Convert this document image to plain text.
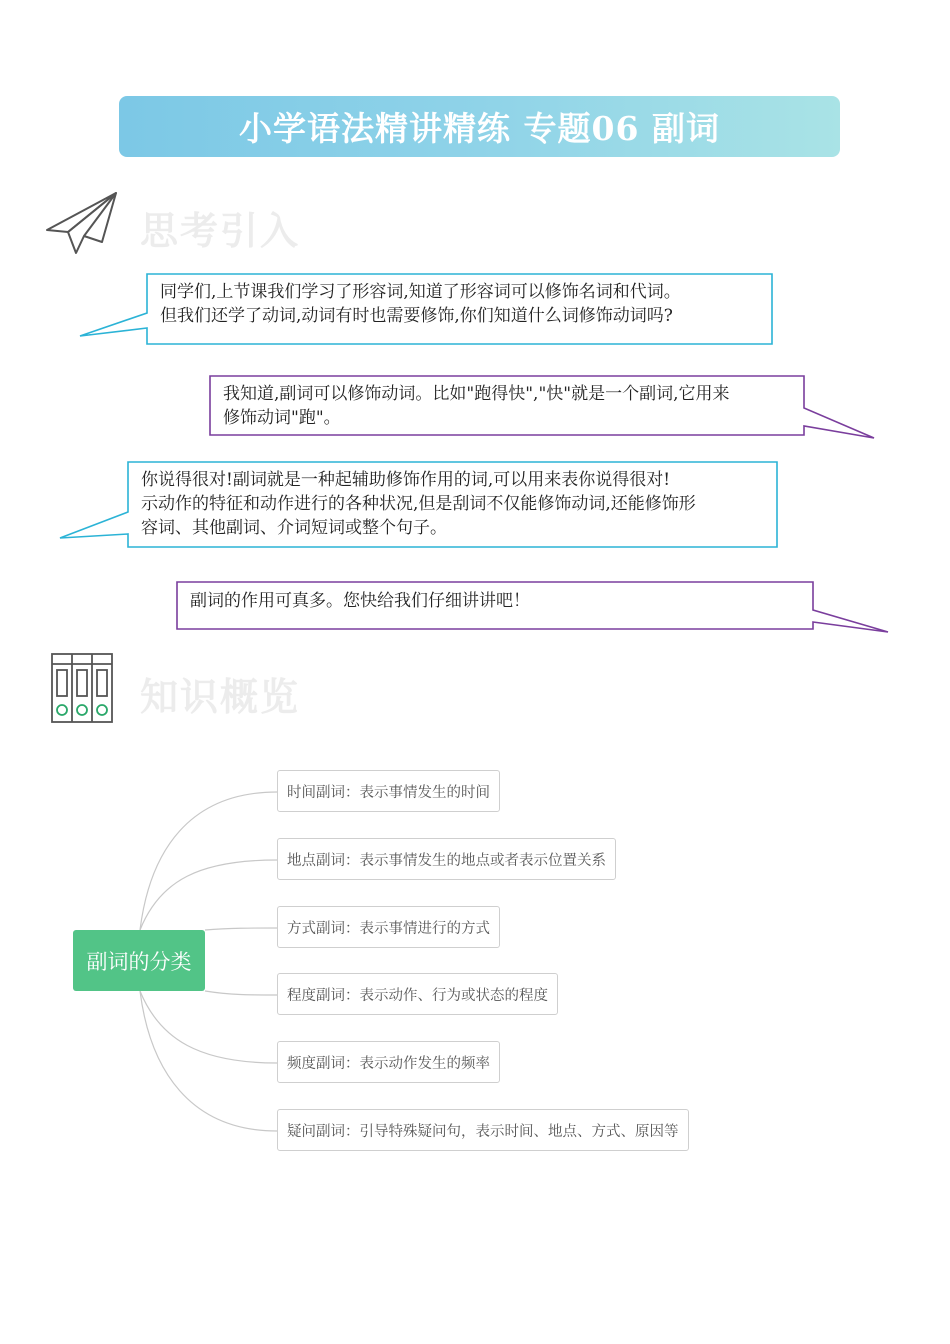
小学语法精讲精练 专题06 副词
思考引入
同学们,上节课我们学习了形容词,知道了形容词可以修饰名词和代词。
但我们还学了动词,动词有时也需要修饰,你们知道什么词修饰动词吗?
我知道,副词可以修饰动词。比如"跑得快","快"就是一个副词,它用来
修饰动词"跑"。
你说得很对!副词就是一种起辅助修饰作用的词,可以用来表你说得很对!
示动作的特征和动作进行的各种状况,但是刮词不仅能修饰动词,还能修饰形
容词、其他副词、介词短词或整个句子。
副词的作用可真多。您快给我们仔细讲讲吧！
知识概览
副词的分类
时间副词：表示事情发生的时间
地点副词：表示事情发生的地点或者表示位置关系
方式副词：表示事情进行的方式
程度副词：表示动作、行为或状态的程度
频度副词：表示动作发生的频率
疑问副词：引导特殊疑问句，表示时间、地点、方式、原因等
